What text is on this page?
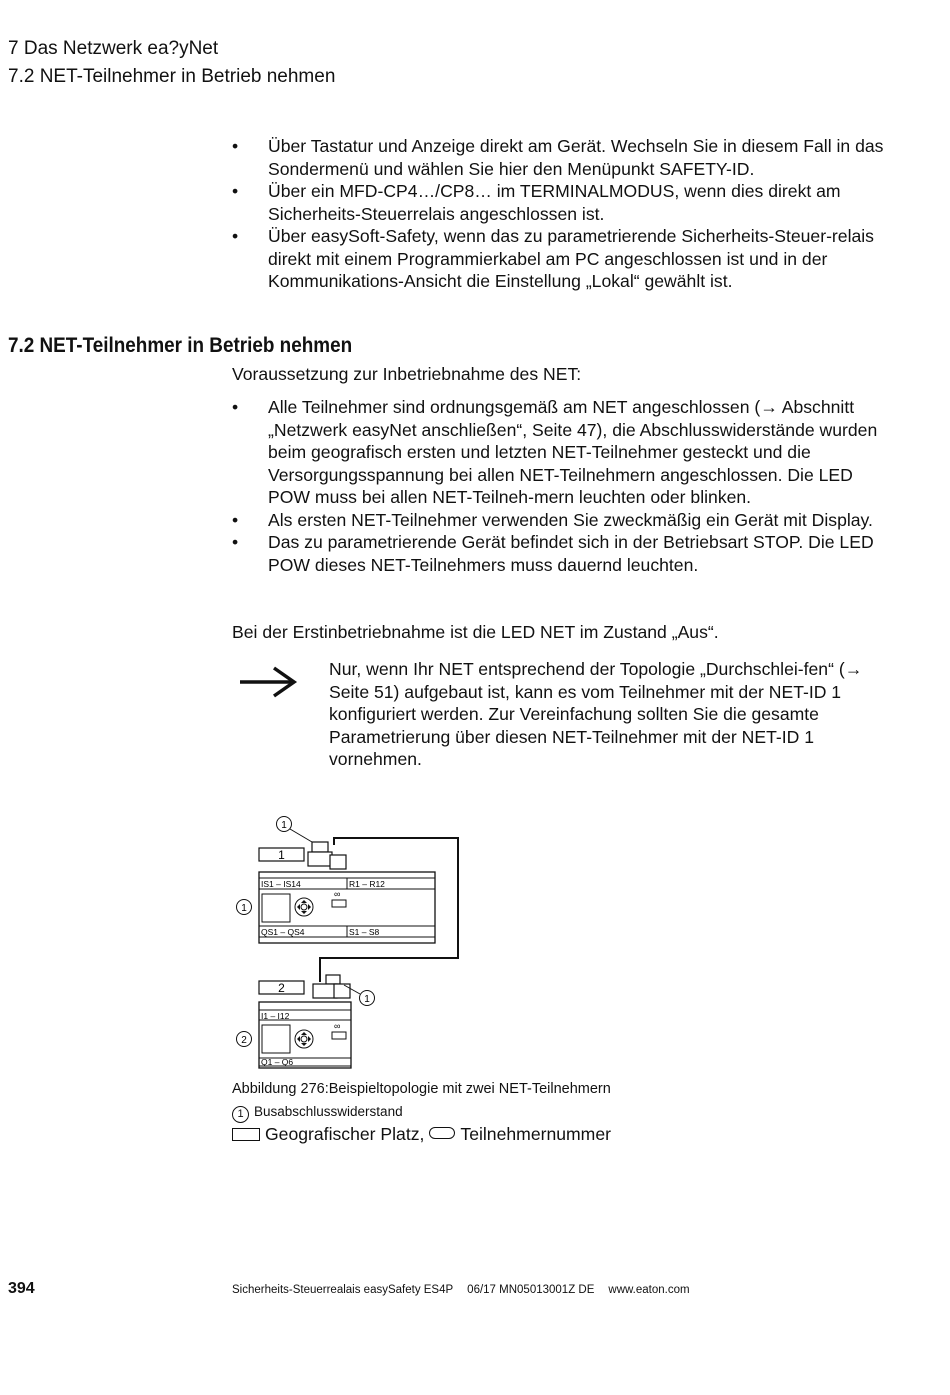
7 Das Netzwerk ea?yNet
7.2 NET-Teilnehmer in Betrieb nehmen
• Über Tastatur und Anzeige direkt am Gerät. Wechseln Sie in diesem Fall in das Sondermenü und wählen Sie hier den Menüpunkt SAFETY-ID.
• Über ein MFD-CP4…/CP8… im TERMINALMODUS, wenn dies direkt am Sicherheits-Steuerrelais angeschlossen ist.
• Über easySoft-Safety, wenn das zu parametrierende Sicherheits-Steuer-relais direkt mit einem Programmierkabel am PC angeschlossen ist und in der Kommunikations-Ansicht die Einstellung „Lokal“ gewählt ist.
7.2 NET-Teilnehmer in Betrieb nehmen

Voraussetzung zur Inbetriebnahme des NET:

• Alle Teilnehmer sind ordnungsgemäß am NET angeschlossen (→ Abschnitt „Netzwerk easyNet anschließen“, Seite 47), die Abschlusswiderstände wurden beim geografisch ersten und letzten NET-Teilnehmer gesteckt und die Versorgungsspannung bei allen NET-Teilnehmern angeschlossen. Die LED POW muss bei allen NET-Teilneh-mern leuchten oder blinken.
• Als ersten NET-Teilnehmer verwenden Sie zweckmäßig ein Gerät mit Display.
• Das zu parametrierende Gerät befindet sich in der Betriebsart STOP. Die LED POW dieses NET-Teilnehmers muss dauernd leuchten.

Bei der Erstinbetriebnahme ist die LED NET im Zustand „Aus“.

Nur, wenn Ihr NET entsprechend der Topologie „Durchschlei-fen“ (→ Seite 51) aufgebaut ist, kann es vom Teilnehmer mit der NET-ID 1 konfiguriert werden. Zur Vereinfachung sollten Sie die gesamte Parametrierung über diesen NET-Teilnehmer mit der NET-ID 1 vornehmen.

1
1
IS1 – IS14	R1 – R12
QS1 – QS4	S1 – S8
∞
1
1
2
I1 – I12
Q1 – Q6
∞
2
Abbildung 276:Beispieltopologie mit zwei NET-Teilnehmern
1 Busabschlusswiderstand
Geografischer Platz, Teilnehmernummer
394	Sicherheits-Steuerrealais easySafety ES4P 06/17 MN05013001Z DE www.eaton.com
